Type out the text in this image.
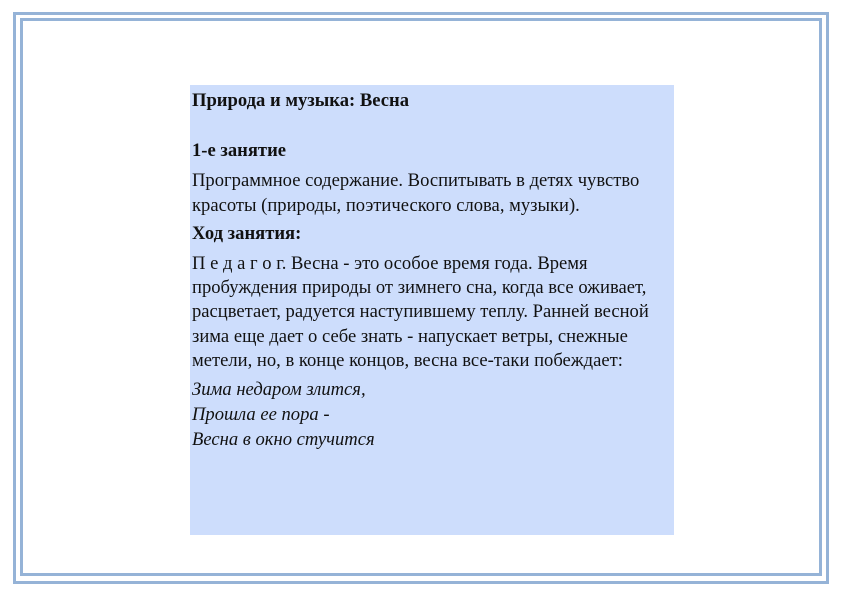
Природа и музыка: Весна
1-е занятие
Программное содержание. Воспитывать в детях чувство красоты (природы, поэтического слова, музыки).
Ход занятия:
П е д а г о г. Весна - это особое время года. Время пробуждения природы от зимнего сна, когда все оживает, расцветает, радуется наступившему теплу. Ранней весной зима еще дает о себе знать - напускает ветры, снежные метели, но, в конце концов, весна все-таки побеждает:
Зима недаром злится,
Прошла ее пора -
Весна в окно стучится
